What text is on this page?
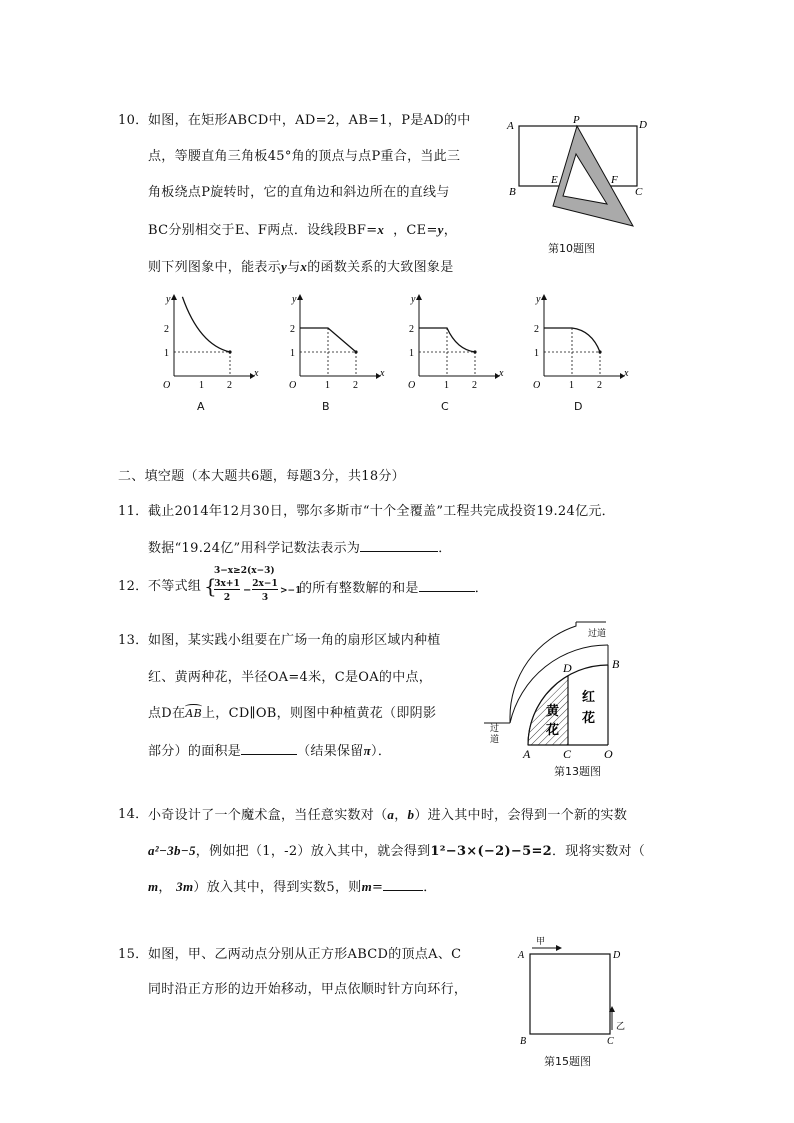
10． 如图，在矩形ABCD中，AD=2，AB=1，P是AD的中
点，等腰直角三角板45°角的顶点与点P重合，当此三
角板绕点P旋转时，它的直角边和斜边所在的直线与
BC分别相交于E、F两点．设线段BF=x ，CE=y，
则下列图象中，能表示y与x的函数关系的大致图象是
A	P	D
B
E	F
C
第10题图
y
x
O
2
1
1 2
y
x
O
2
1
1 2
y
x
O
2
1
1 2
y
x
O
2
1
1 2
A	B	C	D
二、填空题（本大题共6题，每题3分，共18分）
11． 截止2014年12月30日，鄂尔多斯市“十个全覆盖”工程共完成投资19.24亿元．
数据“19.24亿”用科学记数法表示为	．
12． 不等式组 {
3−x≥2(x−3)
3x+1
2
−
2x−1
3
>−1
的所有整数解的和是	．
13． 如图，某实践小组要在广场一角的扇形区域内种植
红、黄两种花，半径OA=4米，C是OA的中点，
点D在
AB上，CD∥OB，则图中种植黄花（即阴影
部分）的面积是	（结果保留π）．
过道
过
道
D	B
黄
花
红
花
A	C	O
第13题图
14． 小奇设计了一个魔术盒，当任意实数对（a，b）进入其中时，会得到一个新的实数
a²−3b−5，例如把（1，-2）放入其中，就会得到1²−3×(−2)−5=2．现将实数对（
m， 3m）放入其中，得到实数5，则m=	．
15． 如图，甲、乙两动点分别从正方形ABCD的顶点A、C
同时沿正方形的边开始移动，甲点依顺时针方向环行，
甲
乙
A	D
B	C
第15题图
